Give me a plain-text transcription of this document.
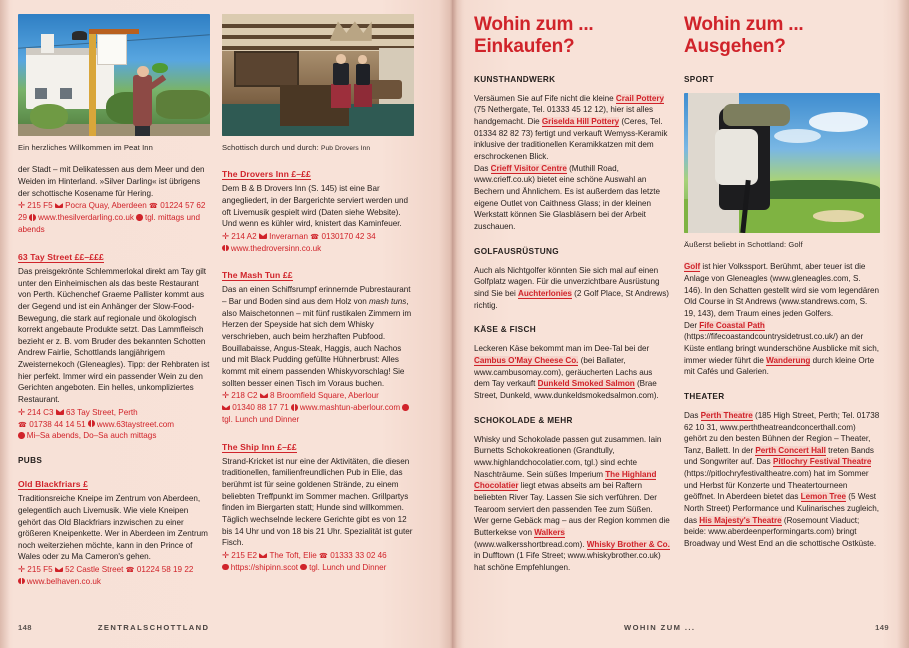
Ein herzliches Willkommen im Peat Inn

der Stadt – mit Delikatessen aus dem Meer und den Weiden im Hinterland. »Silver Darling« ist übrigens der schottische Kosename für Hering.

✛ 215 F5 Pocra Quay, Aberdeen ☎ 01224 57 62 29 www.thesilverdarling.co.uk tgl. mittags und abends
63 Tay Street ££–£££

Das preisgekrönte Schlemmerlokal direkt am Tay gilt unter den Einheimischen als das beste Restaurant von Perth. Küchenchef Graeme Pallister kommt aus der Gegend und ist ein Anhänger der Slow-Food-Bewegung, die stark auf regionale und ökologisch korrekt angebaute Produkte setzt. Das Lammfleisch bezieht er z. B. vom Bruder des bekannten Schotten Andrew Fairlie, Schottlands langjährigem Zweisternekoch (Gleneagles). Tipp: der Rehbraten ist hier perfekt. Immer wird ein passender Wein zu den Gerichten angeboten. Ein helles, unkompliziertes Restaurant.

✛ 214 C3 63 Tay Street, Perth
☎ 01738 44 14 51 www.63taystreet.com
Mi–Sa abends, Do–Sa auch mittags
PUBS
Old Blackfriars £

Traditionsreiche Kneipe im Zentrum von Aberdeen, gelegentlich auch Livemusik. Wie viele Kneipen gehört das Old Blackfriars inzwischen zu einer größeren Kneipenkette. Wer in Aberdeen im Zentrum noch weiterziehen möchte, kann in den Prince of Wales oder zu Ma Cameron's gehen.

✛ 215 F5 52 Castle Street ☎ 01224 58 19 22
www.belhaven.co.uk
Schottisch durch und durch: Pub Drovers Inn
The Drovers Inn £–££

Dem B & B Drovers Inn (S. 145) ist eine Bar angegliedert, in der Bargerichte serviert werden und oft Livemusik gespielt wird (Daten siehe Website). Und wenn es kühler wird, knistert das Kaminfeuer.

✛ 214 A2 Inverarnan ☎ 0130170 42 34
www.thedroversinn.co.uk
The Mash Tun ££

Das an einen Schiffsrumpf erinnernde Pubrestaurant – Bar und Boden sind aus dem Holz von mash tuns, also Maischetonnen – mit fünf rustikalen Zimmern im Herzen der Speyside hat sich dem Whisky verschrieben, auch beim herzhaften Pubfood. Bouillabaisse, Angus-Steak, Haggis, auch Nachos und mit Black Pudding gefüllte Hühnerbrust: Alles kommt mit einem passenden Whiskyvorschlag! Sie sollten besser einen Tisch im Voraus buchen.

✛ 218 C2 8 Broomfield Square, Aberlour
01340 88 17 71 www.mashtun-aberlour.com  tgl. Lunch und Dinner
The Ship Inn £–££

Strand-Kricket ist nur eine der Aktivitäten, die diesen traditionellen, familienfreundlichen Pub in Elie, das berühmt ist für seine goldenen Strände, zu einem beliebten Treffpunkt im Sommer machen. Grillpartys finden im Biergarten statt; Hunde sind willkommen. Täglich wechselnde leckere Gerichte gibt es von 12 bis 14 Uhr und von 18 bis 21 Uhr. Spezialität ist guter Fisch.

✛ 215 E2 The Toft, Elie ☎ 01333 33 02 46
https://shipinn.scot tgl. Lunch und Dinner
148	ZENTRALSCHOTTLAND
Wohin zum ...
Einkaufen?
KUNSTHANDWERK

Versäumen Sie auf Fife nicht die kleine Crail Pottery (75 Nethergate, Tel. 01333 45 12 12), hier ist alles handgemacht. Die Griselda Hill Pottery (Ceres, Tel. 01334 82 82 73) fertigt und verkauft Wemyss-Keramik inklusive der traditionellen Keramikkatzen mit dem erschrockenen Blick.

Das Crieff Visitor Centre (Muthill Road, www.crieff.co.uk) bietet eine schöne Auswahl an Bechern und Ähnlichem. Es ist außerdem das letzte eigene Outlet von Caithness Glass; in der kleinen Werkstatt können Sie Glasbläsern bei der Arbeit zuschauen.

GOLFAUSRÜSTUNG

Auch als Nichtgolfer könnten Sie sich mal auf einen Golfplatz wagen. Für die unverzichtbare Ausrüstung sind Sie bei Auchterlonies (2 Golf Place, St Andrews) richtig.

KÄSE & FISCH

Leckeren Käse bekommt man im Dee-Tal bei der Cambus O'May Cheese Co. (bei Ballater, www.cambusomay.com), geräucherten Lachs aus dem Tay verkauft Dunkeld Smoked Salmon (Brae Street, Dunkeld, www.dunkeldsmokedsalmon.com).

SCHOKOLADE & MEHR

Whisky und Schokolade passen gut zusammen. Iain Burnetts Schokokreationen (Grandtully, www.highlandchocolatier.com, tgl.) sind echte Naschträume. Sein süßes Imperium The Highland Chocolatier liegt etwas abseits am bei Raftern beliebten River Tay. Lassen Sie sich verführen. Der Tearoom serviert den passenden Tee zum Süßen.

Wer gerne Gebäck mag – aus der Region kommen die Butterkekse von Walkers (www.walkersshortbread.com). Whisky Brother & Co. in Dufftown (1 Fife Street; www.whiskybrother.co.uk) hat schöne Empfehlungen.

Wohin zum ...
Ausgehen?
SPORT
Äußerst beliebt in Schottland: Golf

Golf ist hier Volkssport. Berühmt, aber teuer ist die Anlage von Gleneagles (www.gleneagles.com, S. 146). In den Schatten gestellt wird sie vom legendären Old Course in St Andrews (www.standrews.com, S. 19, 143), dem Traum eines jeden Golfers.

Der Fife Coastal Path (https://fifecoastandcountrysidetrust.co.uk/) an der Küste entlang bringt wunderschöne Ausblicke mit sich, immer wieder führt die Wanderung durch kleine Orte mit Cafés und Galerien.

THEATER

Das Perth Theatre (185 High Street, Perth; Tel. 01738 62 10 31, www.perththeatreandconcerthall.com) gehört zu den besten Bühnen der Region – Theater, Tanz, Ballett. In der Perth Concert Hall treten Bands und Songwriter auf. Das Pitlochry Festival Theatre (https://pitlochryfestivaltheatre.com) hat im Sommer und Herbst für Konzerte und Theatertourneen geöffnet. In Aberdeen bietet das Lemon Tree (5 West North Street) Performance und Kulinarisches zugleich, das His Majesty's Theatre (Rosemount Viaduct; beide: www.aberdeenperformingarts.com) bringt Broadway und West End an die schottische Ostküste.

WOHIN ZUM ...	149
